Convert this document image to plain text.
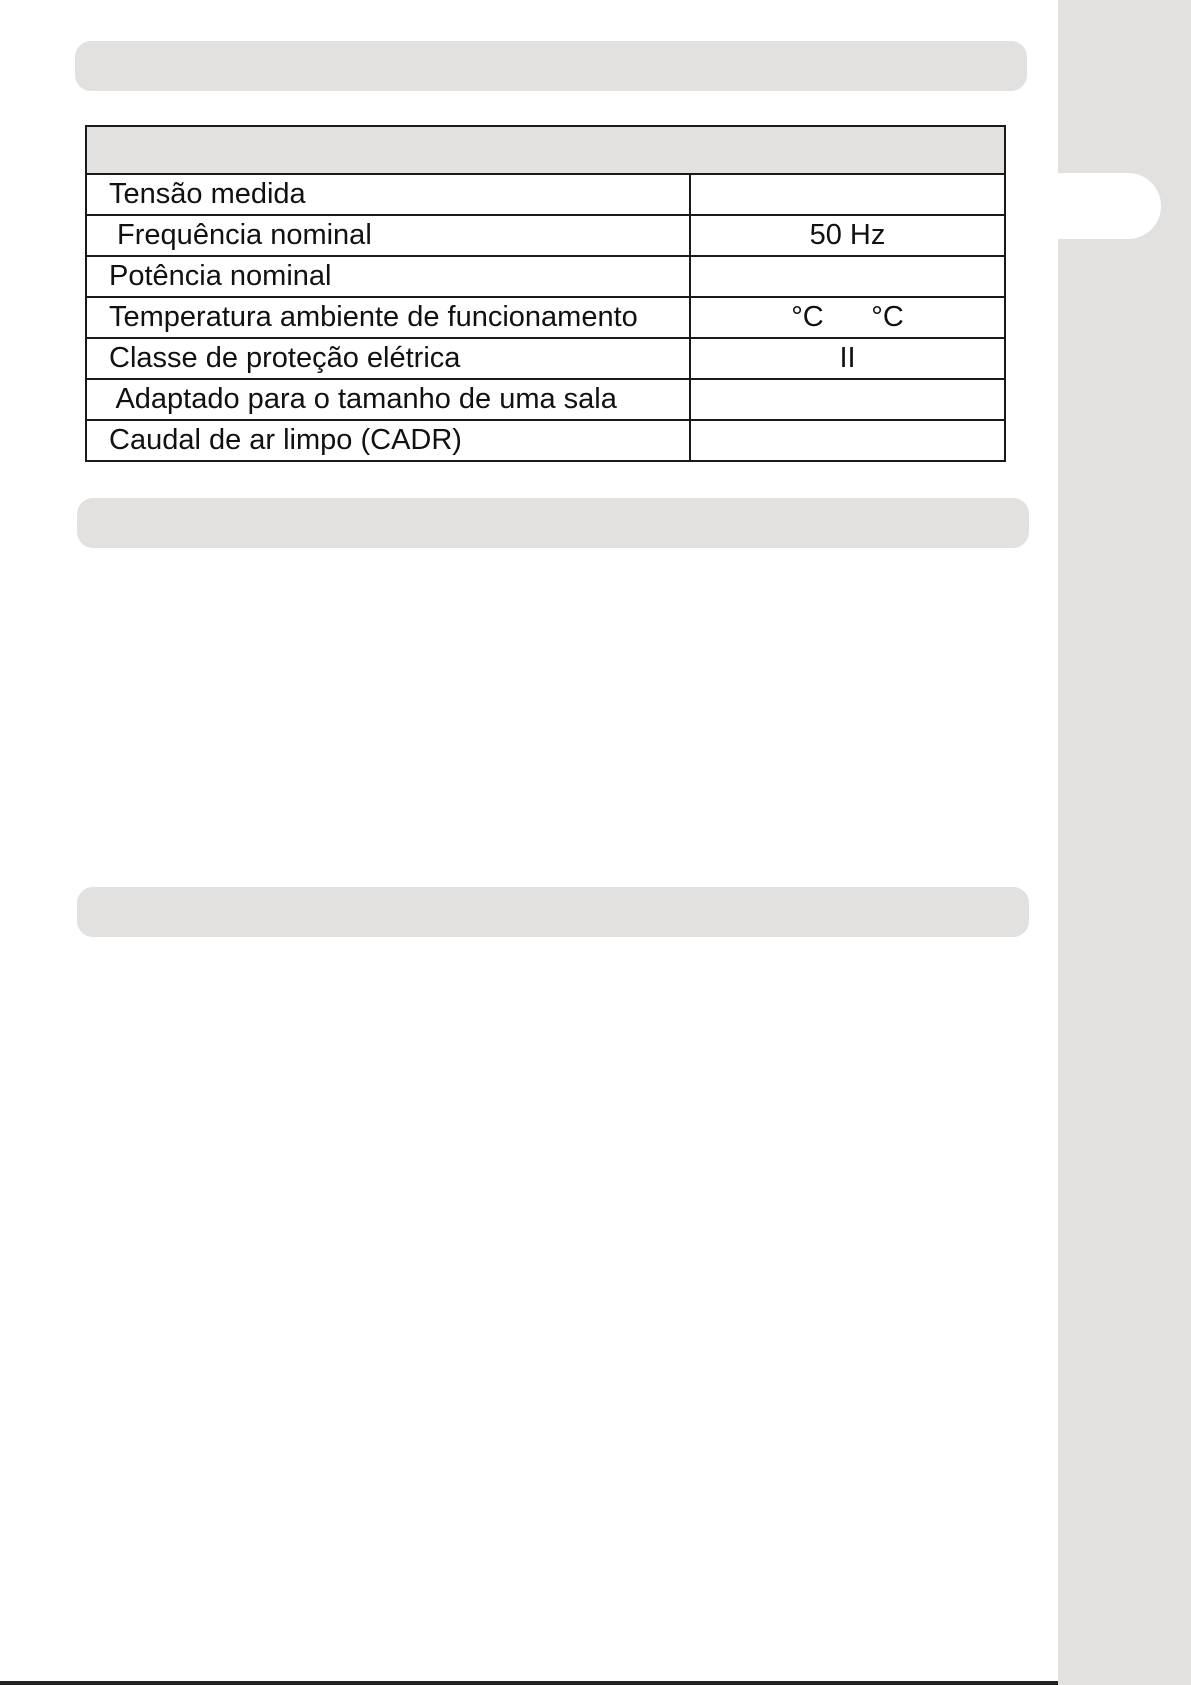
Tensão medida	
Frequência nominal	50 Hz
Potência nominal	
Temperatura ambiente de funcionamento	°C °C
Classe de proteção elétrica	II
Adaptado para o tamanho de uma sala	
Caudal de ar limpo (CADR)	
